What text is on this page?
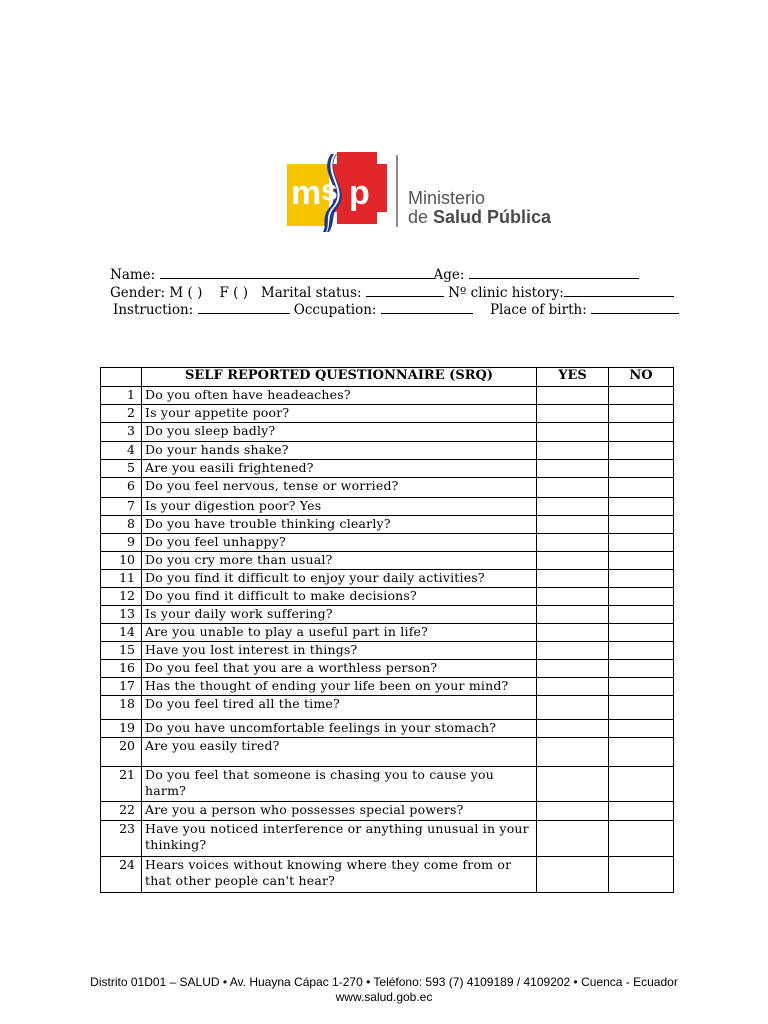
m s p Ministerio
de Salud Pública
Name:	Age:
Gender: M ( ) F ( ) Marital status:	Nº clinic history:
Instruction:	Occupation:	Place of birth:
	SELF REPORTED QUESTIONNAIRE (SRQ)	YES	NO
1	Do you often have headeaches?		
2	Is your appetite poor?		
3	Do you sleep badly?		
4	Do your hands shake?		
5	Are you easili frightened?		
6	Do you feel nervous, tense or worried?		
7	Is your digestion poor? Yes		
8	Do you have trouble thinking clearly?		
9	Do you feel unhappy?		
10	Do you cry more than usual?		
11	Do you find it difficult to enjoy your daily activities?		
12	Do you find it difficult to make decisions?		
13	Is your daily work suffering?		
14	Are you unable to play a useful part in life?		
15	Have you lost interest in things?		
16	Do you feel that you are a worthless person?		
17	Has the thought of ending your life been on your mind?		
18	Do you feel tired all the time?		
19	Do you have uncomfortable feelings in your stomach?		
20	Are you easily tired?		
21	Do you feel that someone is chasing you to cause you harm?		
22	Are you a person who possesses special powers?		
23	Have you noticed interference or anything unusual in your thinking?		
24	Hears voices without knowing where they come from or that other people can't hear?		
Distrito 01D01 – SALUD • Av. Huayna Cápac 1-270 • Teléfono: 593 (7) 4109189 / 4109202 • Cuenca - Ecuador
www.salud.gob.ec
